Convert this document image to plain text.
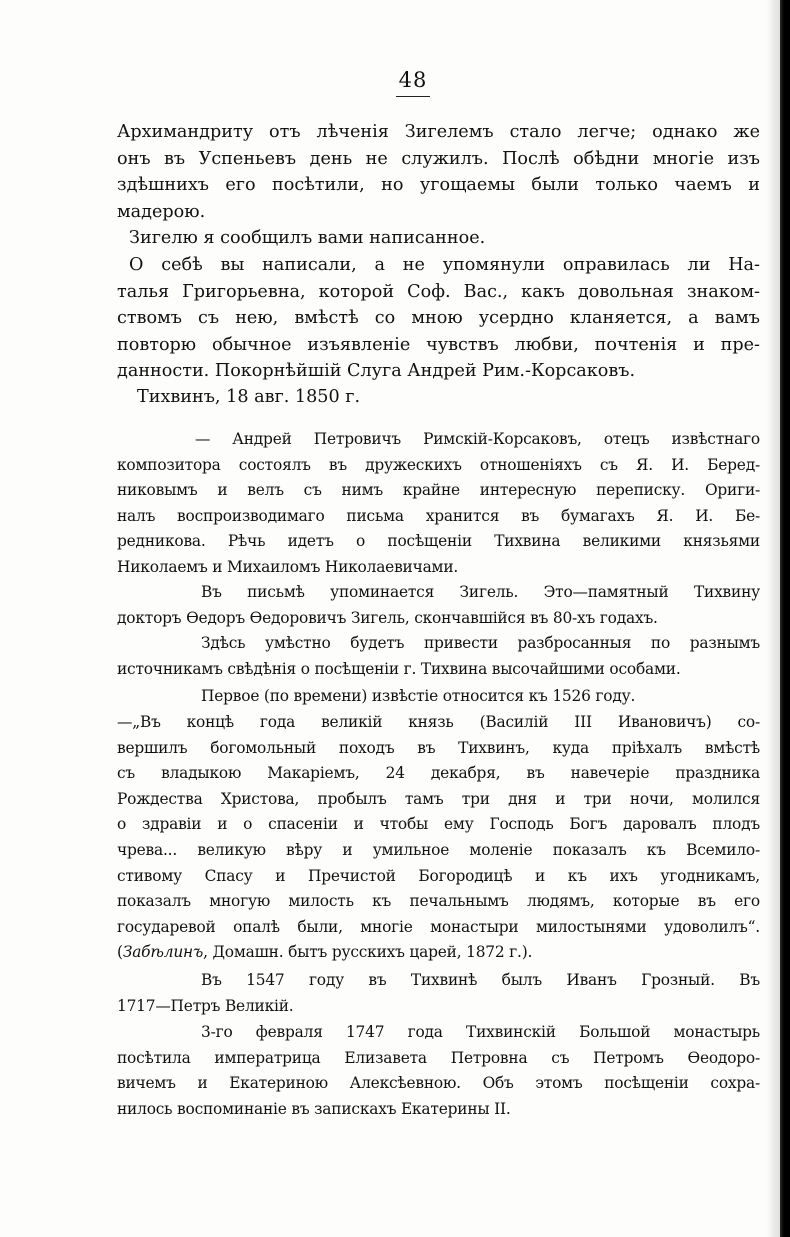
48
Архимандриту отъ лѣченія Зигелемъ стало легче; однако же
онъ въ Успеньевъ день не служилъ. Послѣ обѣдни многіе изъ
здѣшнихъ его посѣтили, но угощаемы были только чаемъ и
мадерою.
Зигелю я сообщилъ вами написанное.
О себѣ вы написали, а не упомянули оправилась ли На-
талья Григорьевна, которой Соф. Вас., какъ довольная знаком-
ствомъ съ нею, вмѣстѣ со мною усердно кланяется, а вамъ
повторю обычное изъявленіе чувствъ любви, почтенія и пре-
данности. Покорнѣйшій Слуга Андрей Рим.-Корсаковъ.
Тихвинъ, 18 авг. 1850 г.
— Андрей Петровичъ Римскій-Корсаковъ, отецъ извѣстнаго
композитора состоялъ въ дружескихъ отношеніяхъ съ Я. И. Беред-
никовымъ и велъ съ нимъ крайне интересную переписку. Ориги-
налъ воспроизводимаго письма хранится въ бумагахъ Я. И. Бе-
редникова. Рѣчь идетъ о посѣщеніи Тихвина великими князьями
Николаемъ и Михаиломъ Николаевичами.
Въ письмѣ упоминается Зигель. Это—памятный Тихвину
докторъ Ѳедоръ Ѳедоровичъ Зигель, скончавшійся въ 80-хъ годахъ.
Здѣсь умѣстно будетъ привести разбросанныя по разнымъ
источникамъ свѣдѣнія о посѣщеніи г. Тихвина высочайшими особами.
Первое (по времени) извѣстіе относится къ 1526 году.
—„Въ концѣ года великій князь (Василій III Ивановичъ) со-
вершилъ богомольный походъ въ Тихвинъ, куда пріѣхалъ вмѣстѣ
съ владыкою Макаріемъ, 24 декабря, въ навечеріе праздника
Рождества Христова, пробылъ тамъ три дня и три ночи, молился
о здравіи и о спасеніи и чтобы ему Господь Богъ даровалъ плодъ
чрева... великую вѣру и умильное моленіе показалъ къ Всемило-
стивому Спасу и Пречистой Богородицѣ и къ ихъ угодникамъ,
показалъ многую милость къ печальнымъ людямъ, которые въ его
государевой опалѣ были, многіе монастыри милостынями удоволилъ“.
(Забѣлинъ, Домашн. бытъ русскихъ царей, 1872 г.).
Въ 1547 году въ Тихвинѣ былъ Иванъ Грозный. Въ
1717—Петръ Великій.
3-го февраля 1747 года Тихвинскій Большой монастырь
посѣтила императрица Елизавета Петровна съ Петромъ Ѳеодоро-
вичемъ и Екатериною Алексѣевною. Объ этомъ посѣщеніи сохра-
нилось воспоминаніе въ запискахъ Екатерины II.
